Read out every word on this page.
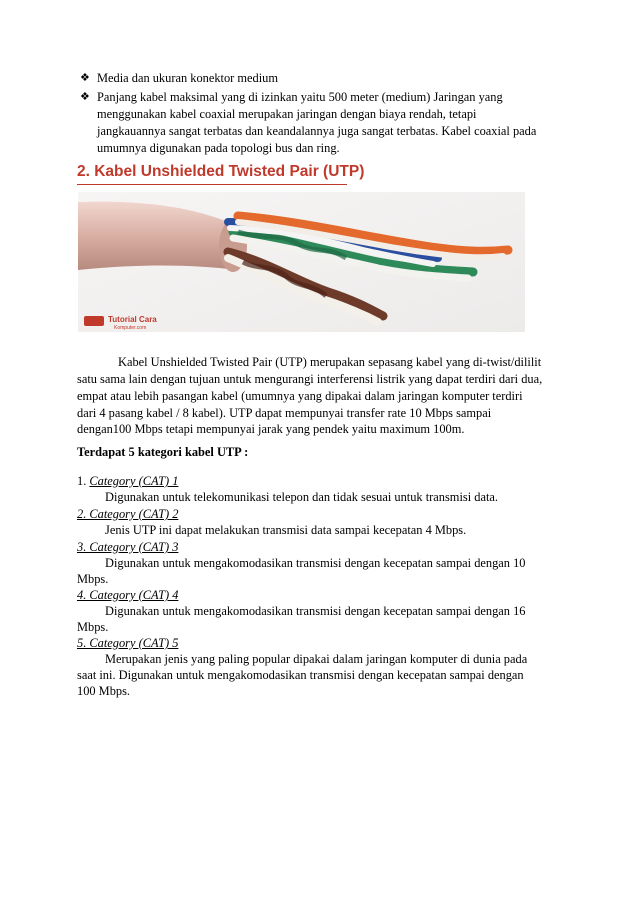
❖ Media dan ukuran konektor medium
❖ Panjang kabel maksimal yang di izinkan yaitu 500 meter (medium) Jaringan yang
menggunakan kabel coaxial merupakan jaringan dengan biaya rendah, tetapi
jangkauannya sangat terbatas dan keandalannya juga sangat terbatas. Kabel coaxial pada
umumnya digunakan pada topologi bus dan ring.
2. Kabel Unshielded Twisted Pair (UTP)
Tutorial Cara
Komputer.com
Kabel Unshielded Twisted Pair (UTP) merupakan sepasang kabel yang di-twist/dililit
satu sama lain dengan tujuan untuk mengurangi interferensi listrik yang dapat terdiri dari dua,
empat atau lebih pasangan kabel (umumnya yang dipakai dalam jaringan komputer terdiri
dari 4 pasang kabel / 8 kabel). UTP dapat mempunyai transfer rate 10 Mbps sampai
dengan100 Mbps tetapi mempunyai jarak yang pendek yaitu maximum 100m.
Terdapat 5 kategori kabel UTP :
1. Category (CAT) 1
Digunakan untuk telekomunikasi telepon dan tidak sesuai untuk transmisi data.
2. Category (CAT) 2
Jenis UTP ini dapat melakukan transmisi data sampai kecepatan 4 Mbps.
3. Category (CAT) 3
Digunakan untuk mengakomodasikan transmisi dengan kecepatan sampai dengan 10
Mbps.
4. Category (CAT) 4
Digunakan untuk mengakomodasikan transmisi dengan kecepatan sampai dengan 16
Mbps.
5. Category (CAT) 5
Merupakan jenis yang paling popular dipakai dalam jaringan komputer di dunia pada
saat ini. Digunakan untuk mengakomodasikan transmisi dengan kecepatan sampai dengan
100 Mbps.
